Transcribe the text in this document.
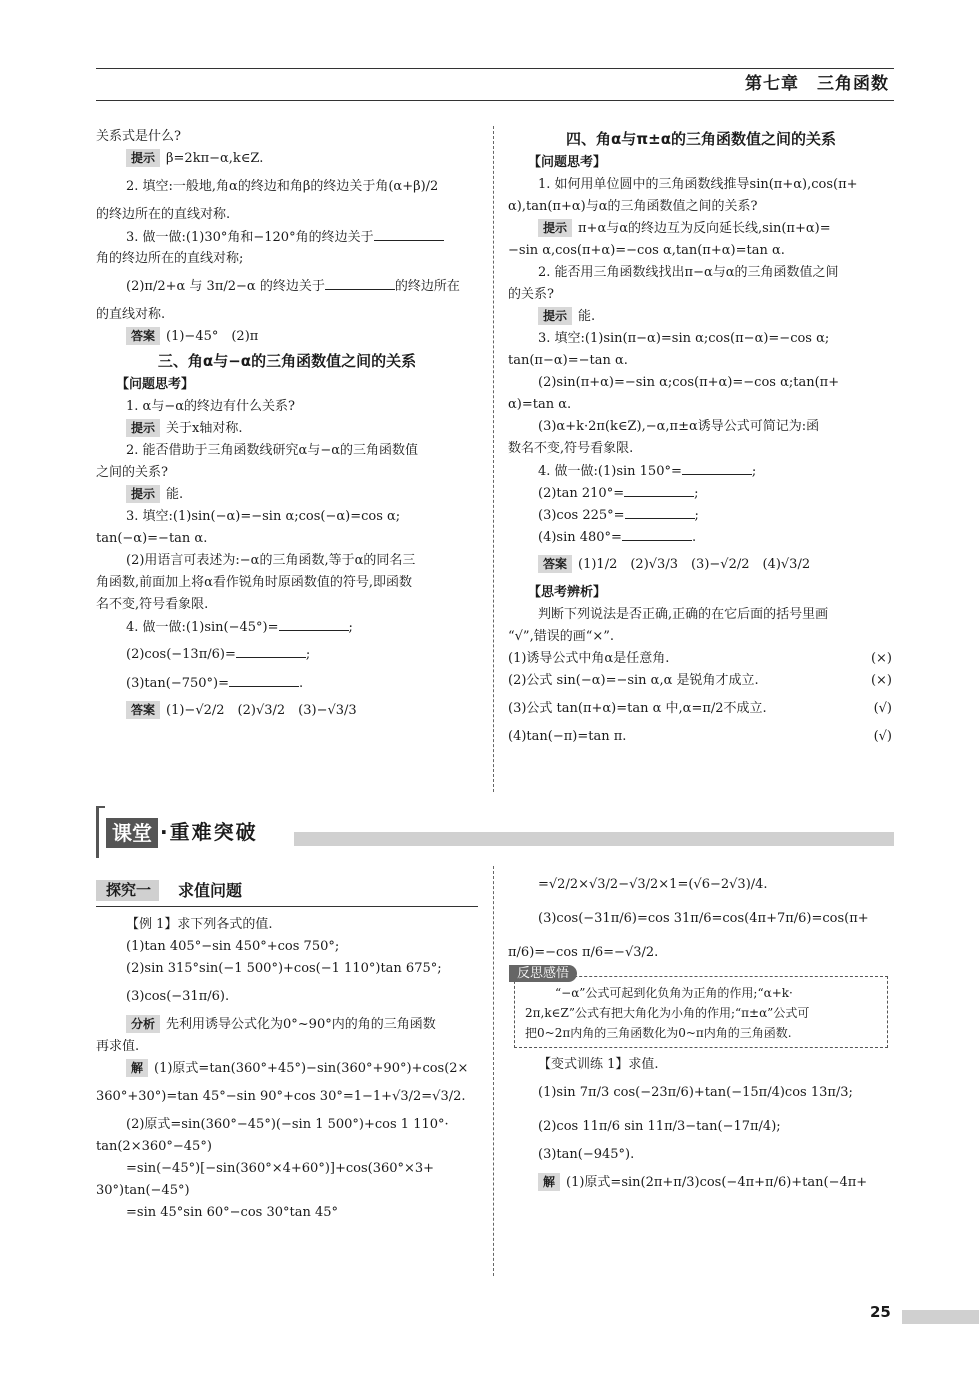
第七章　三角函数
关系式是什么?
提示 β=2kπ−α,k∈Z.
2. 填空:一般地,角α的终边和角β的终边关于角(α+β)/2
的终边所在的直线对称.
3. 做一做:(1)30°角和−120°角的终边关于
角的终边所在的直线对称;
(2)π/2+α 与 3π/2−α 的终边关于	的终边所在
的直线对称.
答案 (1)−45°　(2)π
三、角α与−α的三角函数值之间的关系
【问题思考】
1. α与−α的终边有什么关系?
提示 关于x轴对称.
2. 能否借助于三角函数线研究α与−α的三角函数值
之间的关系?
提示 能.
3. 填空:(1)sin(−α)=−sin α;cos(−α)=cos α;
tan(−α)=−tan α.
(2)用语言可表述为:−α的三角函数,等于α的同名三
角函数,前面加上将α看作锐角时原函数值的符号,即函数
名不变,符号看象限.
4. 做一做:(1)sin(−45°)=	;
(2)cos(−13π/6)=	;
(3)tan(−750°)=	.
答案 (1)−√2/2　(2)√3/2　(3)−√3/3
四、角α与π±α的三角函数值之间的关系
【问题思考】
1. 如何用单位圆中的三角函数线推导sin(π+α),cos(π+
α),tan(π+α)与α的三角函数值之间的关系?
提示 π+α与α的终边互为反向延长线,sin(π+α)=
−sin α,cos(π+α)=−cos α,tan(π+α)=tan α.
2. 能否用三角函数线找出π−α与α的三角函数值之间
的关系?
提示 能.
3. 填空:(1)sin(π−α)=sin α;cos(π−α)=−cos α;
tan(π−α)=−tan α.
(2)sin(π+α)=−sin α;cos(π+α)=−cos α;tan(π+
α)=tan α.
(3)α+k·2π(k∈Z),−α,π±α诱导公式可简记为:函
数名不变,符号看象限.
4. 做一做:(1)sin 150°=	;
(2)tan 210°=	;
(3)cos 225°=	;
(4)sin 480°=	.
答案 (1)1/2　(2)√3/3　(3)−√2/2　(4)√3/2
【思考辨析】
判断下列说法是否正确,正确的在它后面的括号里画
“√”,错误的画“×”.
(1)诱导公式中角α是任意角.	(×)
(2)公式 sin(−α)=−sin α,α 是锐角才成立.	(×)
(3)公式 tan(π+α)=tan α 中,α=π/2不成立.	(√)
(4)tan(−π)=tan π.	(√)
课堂 ·重难突破
探究一	求值问题
【例 1】求下列各式的值.
(1)tan 405°−sin 450°+cos 750°;
(2)sin 315°sin(−1 500°)+cos(−1 110°)tan 675°;
(3)cos(−31π/6).
分析 先利用诱导公式化为0°~90°内的角的三角函数
再求值.
解 (1)原式=tan(360°+45°)−sin(360°+90°)+cos(2×
360°+30°)=tan 45°−sin 90°+cos 30°=1−1+√3/2=√3/2.
(2)原式=sin(360°−45°)(−sin 1 500°)+cos 1 110°·
tan(2×360°−45°)
=sin(−45°)[−sin(360°×4+60°)]+cos(360°×3+
30°)tan(−45°)
=sin 45°sin 60°−cos 30°tan 45°
=√2/2×√3/2−√3/2×1=(√6−2√3)/4.
(3)cos(−31π/6)=cos 31π/6=cos(4π+7π/6)=cos(π+
π/6)=−cos π/6=−√3/2.
反思感悟
“−α”公式可起到化负角为正角的作用;“α+k·
2π,k∈Z”公式有把大角化为小角的作用;“π±α”公式可
把0~2π内角的三角函数化为0~π内角的三角函数.
【变式训练 1】求值.
(1)sin 7π/3 cos(−23π/6)+tan(−15π/4)cos 13π/3;
(2)cos 11π/6 sin 11π/3−tan(−17π/4);
(3)tan(−945°).
解 (1)原式=sin(2π+π/3)cos(−4π+π/6)+tan(−4π+
25
